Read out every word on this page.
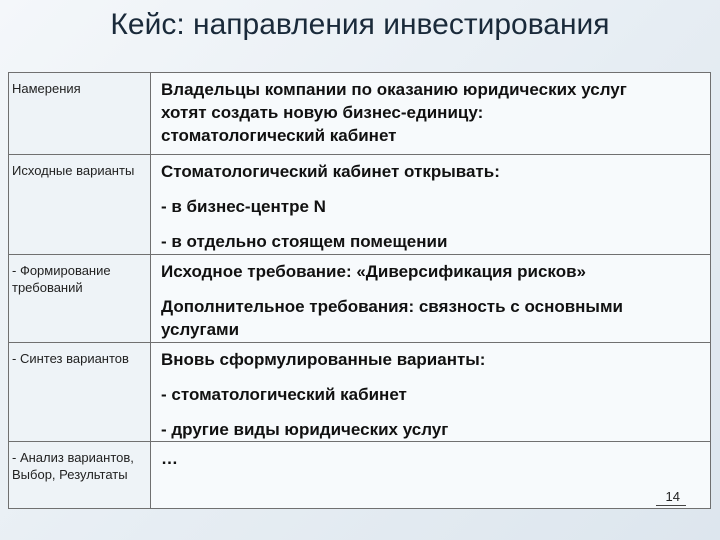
Кейс: направления инвестирования
Намерения	Владельцы компании по оказанию юридических услуг
хотят создать новую бизнес-единицу:
стоматологический кабинет

Исходные варианты	Стоматологический кабинет открывать:
- в бизнес-центре N
- в отдельно стоящем помещении

- Формирование требований	Исходное требование: «Диверсификация рисков»
Дополнительное требования: связность с основными
услугами

- Синтез вариантов	Вновь сформулированные варианты:
- стоматологический кабинет
- другие виды юридических услуг

- Анализ вариантов, Выбор, Результаты	…
14
